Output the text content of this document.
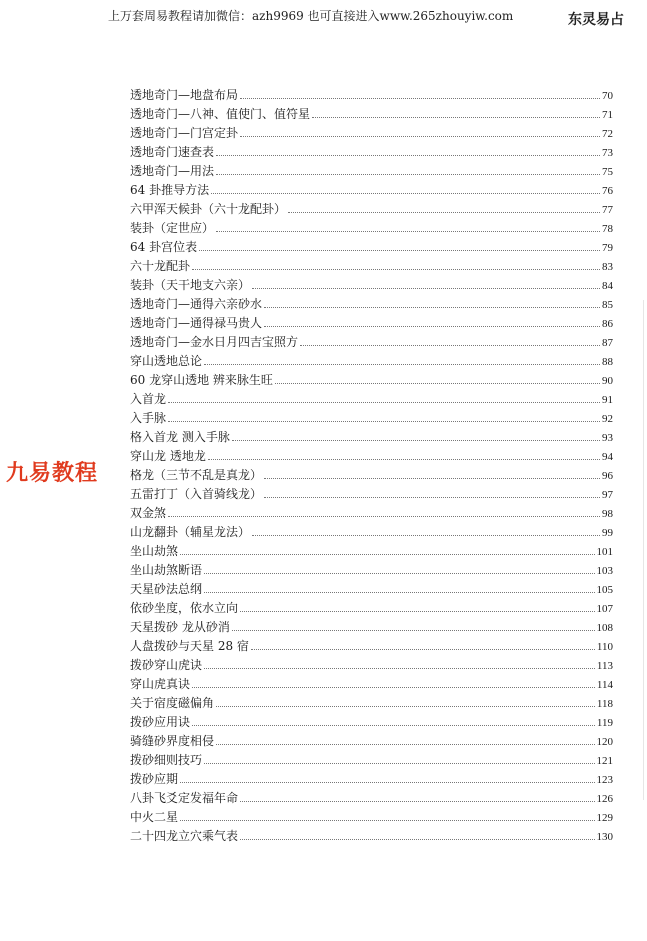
上万套周易教程请加微信：azh9969 也可直接进入www.265zhouyiw.com	东灵易占
九易教程
透地奇门—地盘布局	70
透地奇门—八神、值使门、值符星	71
透地奇门—门宫定卦	72
透地奇门速查表	73
透地奇门—用法	75
64 卦推导方法	76
六甲浑天候卦（六十龙配卦）	77
装卦（定世应）	78
64 卦宫位表	79
六十龙配卦	83
装卦（天干地支六亲）	84
透地奇门—通得六亲砂水	85
透地奇门—通得禄马贵人	86
透地奇门—金水日月四吉宝照方	87
穿山透地总论	88
60 龙穿山透地 辨来脉生旺	90
入首龙	91
入手脉	92
格入首龙 测入手脉	93
穿山龙 透地龙	94
格龙（三节不乱是真龙）	96
五雷打丁（入首骑线龙）	97
双金煞	98
山龙翻卦（辅星龙法）	99
坐山劫煞	101
坐山劫煞断语	103
天星砂法总纲	105
依砂坐度，依水立向	107
天星拨砂 龙从砂消	108
人盘拨砂与天星 28 宿	110
拨砂穿山虎诀	113
穿山虎真诀	114
关于宿度磁偏角	118
拨砂应用诀	119
骑缝砂界度相侵	120
拨砂细则技巧	121
拨砂应期	123
八卦飞爻定发福年命	126
中火二星	129
二十四龙立穴乘气表	130
